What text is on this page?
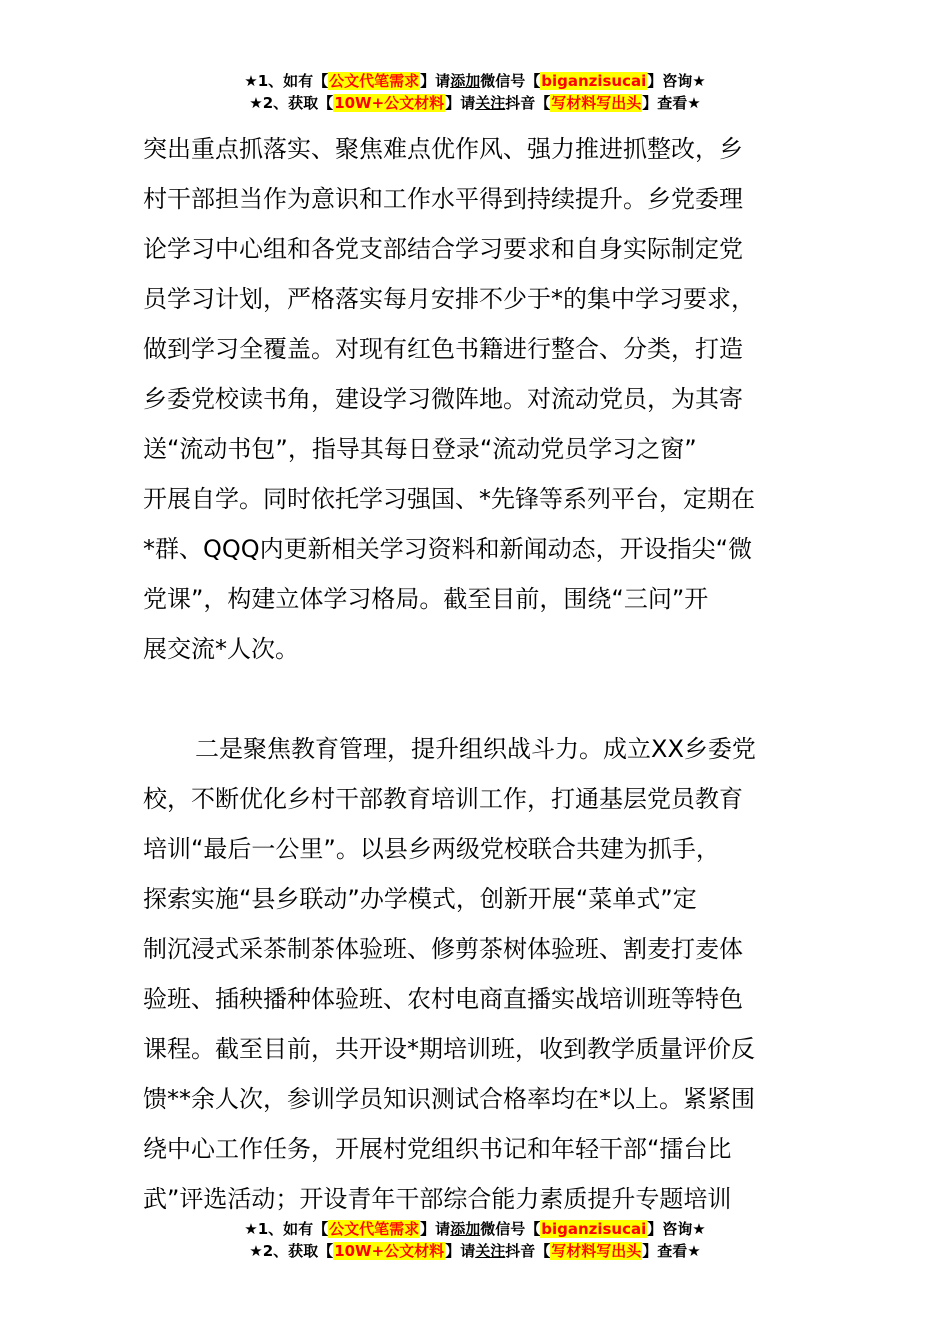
★1、如有【公文代笔需求】请添加微信号【biganzisucai】咨询★
★2、获取【10W+公文材料】请关注抖音【写材料写出头】查看★
突出重点抓落实、聚焦难点优作风、强力推进抓整改，乡
村干部担当作为意识和工作水平得到持续提升。乡党委理
论学习中心组和各党支部结合学习要求和自身实际制定党
员学习计划，严格落实每月安排不少于*的集中学习要求，
做到学习全覆盖。对现有红色书籍进行整合、分类，打造
乡委党校读书角，建设学习微阵地。对流动党员，为其寄
送“流动书包”，指导其每日登录“流动党员学习之窗”
开展自学。同时依托学习强国、*先锋等系列平台，定期在
*群、QQQ内更新相关学习资料和新闻动态，开设指尖“微
党课”，构建立体学习格局。截至目前，围绕“三问”开
展交流*人次。
二是聚焦教育管理，提升组织战斗力。成立XX乡委党
校，不断优化乡村干部教育培训工作，打通基层党员教育
培训“最后一公里”。以县乡两级党校联合共建为抓手，
探索实施“县乡联动”办学模式，创新开展“菜单式”定
制沉浸式采茶制茶体验班、修剪茶树体验班、割麦打麦体
验班、插秧播种体验班、农村电商直播实战培训班等特色
课程。截至目前，共开设*期培训班，收到教学质量评价反
馈**余人次，参训学员知识测试合格率均在*以上。紧紧围
绕中心工作任务，开展村党组织书记和年轻干部“擂台比
武”评选活动；开设青年干部综合能力素质提升专题培训
★1、如有【公文代笔需求】请添加微信号【biganzisucai】咨询★
★2、获取【10W+公文材料】请关注抖音【写材料写出头】查看★
